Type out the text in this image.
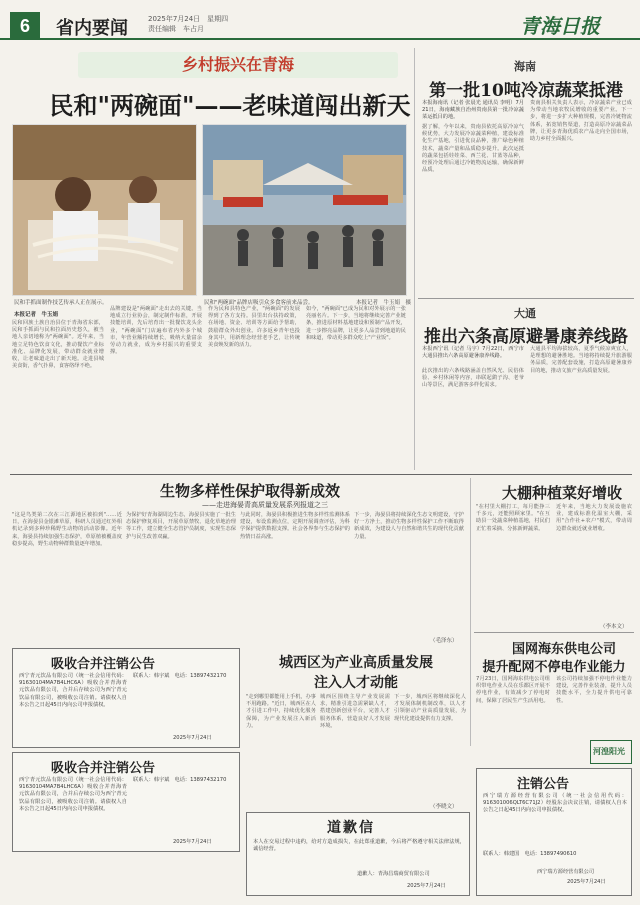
6	省内要闻	2025年7月24日　星期四
责任编辑　车占月	青海日报
乡村振兴在青海
民和"两碗面"——老味道闯出新天
民和手抓面制作技艺传承人正在展示。	民和"两碗面"品牌店吸引众多食客前来品尝。	本报记者　牛玉娟　摄
本报记者　牛玉娟
民和回族土族自治县位于青海省东部，民和手抓面与民和拉面历史悠久，被当地人亲切地称为"两碗面"。近年来，当地立足特色饮食文化，推动餐饮产业标准化、品牌化发展，带动群众就业增收，让老味道走出了新天地。走进县城美食街，香气扑鼻，食客络绎不绝。
品牌建设是"两碗面"走出去的关键。当地成立行业协会，制定制作标准，开展技能培训，先后培育出一批餐饮龙头企业，"两碗面"门店遍布省内外多个城市，年营业额持续增长，吸纳大量富余劳动力就业，成为乡村振兴的重要支撑。
作为民和县特色产业，"两碗面"的发展得到了各方支持。县里出台扶持政策，在场地、资金、培训等方面给予帮助，鼓励群众外出创业。许多返乡青年也投身其中，用新理念经营老手艺，让传统美食焕发新的活力。
如今，"两碗面"已成为民和对外展示的一张亮丽名片。下一步，当地将继续完善产业链条，推进原材料基地建设和预制产品开发，进一步擦亮品牌，让更多人品尝到地道的民和味道，带动更多群众吃上"产业饭"。
海南
第一批10吨冷凉蔬菜抵港
本报海南讯（记者 张晨光 通讯员 李明）7月21日，海南藏族自治州贵南县第一批冷凉蔬菜运抵目的地。
据了解，今年以来，贵南县依托高原冷凉气候优势，大力发展冷凉蔬菜种植，建设标准化生产基地，引进优良品种，推广绿色种植技术，蔬菜产量和品质稳步提升。此次运抵的蔬菜包括娃娃菜、西兰花、甘蓝等品种，经预冷处理后通过冷链物流运输，确保新鲜品质。
贵南县相关负责人表示，冷凉蔬菜产业已成为带动当地农牧民增收的重要产业。下一步，将进一步扩大种植规模，完善冷链物流体系，拓宽销售渠道，打造高原冷凉蔬菜品牌，让更多青海优质农产品走向全国市场，助力乡村全面振兴。
大通
推出六条高原避暑康养线路
本报西宁讯（记者 马宇）7月22日，西宁市大通县推出六条高原避暑康养线路。
此次推出的六条线路涵盖自然风光、民俗体验、乡村休闲等内容，串联起鹞子沟、老爷山等景区，满足游客多样化需求。
大通县平均海拔较高，夏季气候凉爽宜人，是理想的避暑胜地。当地将持续提升旅游服务品质，完善配套设施，打造高原避暑康养目的地，推动文旅产业高质量发展。
生物多样性保护取得新成效
——走进海晏青高质量发展系列报道之三
"这是鸟类第二次在三江源地区被拍到"……近日，在海晏县金银滩草原，科研人员通过红外相机记录到多种珍稀野生动物的活动影像。近年来，海晏县持续加强生态保护，草原植被覆盖度稳步提高，野生动物种群数量逐年增加。
为保护好青海湖周边生态，海晏县实施了一批生态保护修复项目，开展草原禁牧、退化草地治理等工作，建立健全生态管护员制度，实现生态保护与民生改善双赢。
与此同时，海晏县积极推进生物多样性监测体系建设，布设监测点位，定期开展调查评估，为科学保护提供数据支撑。社会各界参与生态保护的热情日益高涨。
下一步，海晏县将持续深化生态文明建设，守护好一方净土，推动生物多样性保护工作不断取得新成效，为建设人与自然和谐共生的现代化贡献力量。
（毛泽东）
大棚种植菜好增收
"在村里大棚打工，每月能挣三千多元，还能照顾家里。"在互助县一处蔬菜种植基地，村民们正忙着采摘、分拣新鲜蔬菜。
近年来，当地大力发展设施农业，建成标准化温室大棚，采用"合作社+农户"模式，带动周边群众就近就业增收。
（李本文）
国网海东供电公司
提升配网不停电作业能力
7月23日，国网海东供电公司组织带电作业人员在乐都区开展不停电作业，有效减少了停电时间，保障了居民生产生活用电。
该公司持续加强不停电作业能力建设，完善作业装备，提升人员技能水平，全力提升供电可靠性。
河湟阳光
吸收合并注销公告
西宁青元饮品有限公司（统一社会信用代码：91630104MA7B4LHC6A）吸收合并青海青元饮品有限公司，合并后存续公司为西宁青元饮品有限公司，被吸收公司注销。请债权人自本公告之日起45日内向公司申报债权。
联系人：韩宇斌　电话：13897432170
2025年7月24日
吸收合并注销公告
西宁青元饮品有限公司（统一社会信用代码：91630104MA7B4LHC6A）吸收合并青海青元饮品有限公司，合并后存续公司为西宁青元饮品有限公司，被吸收公司注销。请债权人自本公告之日起45日内向公司申报债权。
联系人：韩宇斌　电话：13897432170
2025年7月24日
城西区为产业高质量发展
注入人才动能
"走到哪里都能用上手机，办事不用跑路。"近日，城西区在人才引进工作中，持续优化服务保障，为产业发展注入新活力。
城西区围绕主导产业发展需求，精准引进急需紧缺人才，搭建创新创业平台，完善人才服务体系，营造良好人才发展环境。
下一步，城西区将继续深化人才发展体制机制改革，以人才引领驱动产业高质量发展，为现代化建设提供有力支撑。
（李晓文）
道歉信
本人在交易过程中违约，给对方造成损失，在此郑重道歉，今后将严格遵守相关法律法规，诚信经营。
道歉人：青海昌瑞商贸有限公司
2025年7月24日
注销公告
西宁瑞方源经营有限公司（统一社会信用代码：916301006QLT6C71J2）经股东会决议注销，请债权人自本公告之日起45日内向公司申报债权。
联系人：韩建国　电话：13897490610
西宁瑞方源经营有限公司
2025年7月24日
